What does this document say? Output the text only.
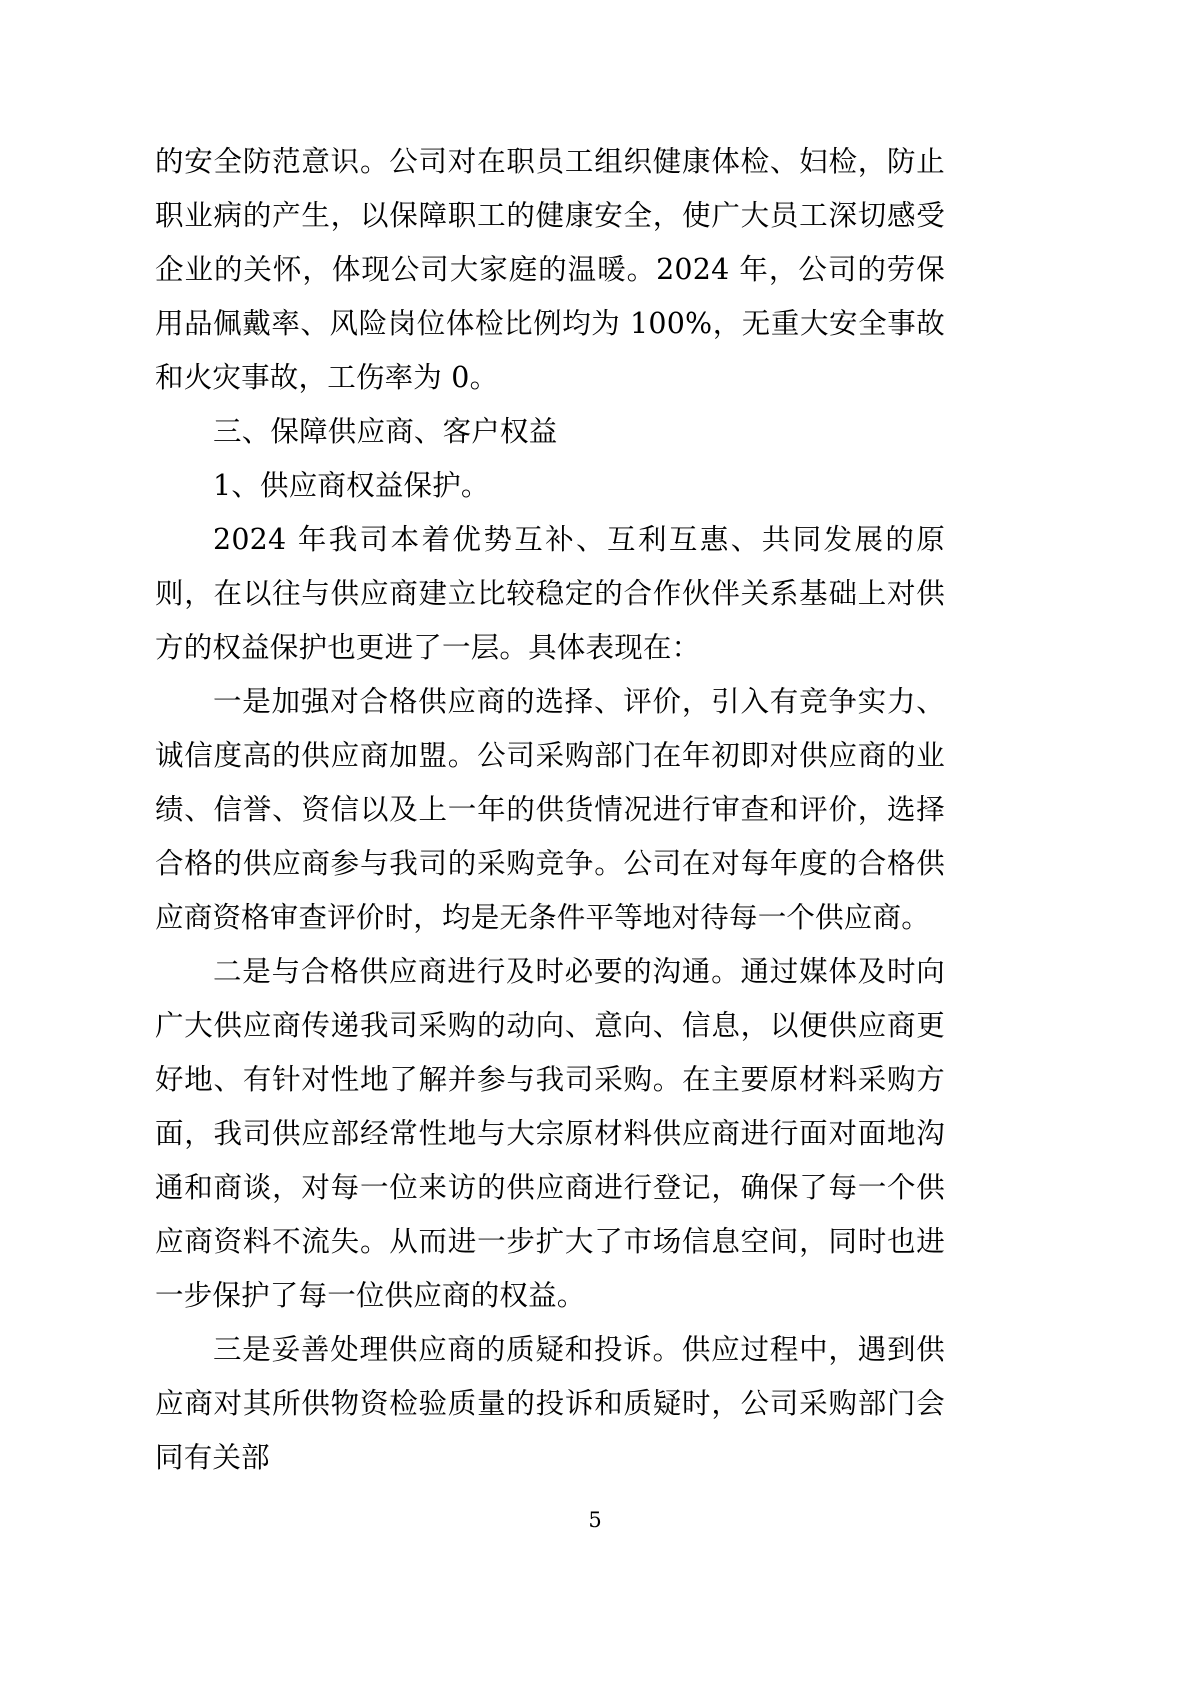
的安全防范意识。公司对在职员工组织健康体检、妇检，防止职业病的产生，以保障职工的健康安全，使广大员工深切感受企业的关怀，体现公司大家庭的温暖。2024 年，公司的劳保用品佩戴率、风险岗位体检比例均为 100%，无重大安全事故和火灾事故，工伤率为 0。

三、保障供应商、客户权益

1、供应商权益保护。

2024 年我司本着优势互补、互利互惠、共同发展的原则，在以往与供应商建立比较稳定的合作伙伴关系基础上对供方的权益保护也更进了一层。具体表现在：

一是加强对合格供应商的选择、评价，引入有竞争实力、诚信度高的供应商加盟。公司采购部门在年初即对供应商的业绩、信誉、资信以及上一年的供货情况进行审查和评价，选择合格的供应商参与我司的采购竞争。公司在对每年度的合格供应商资格审查评价时，均是无条件平等地对待每一个供应商。

二是与合格供应商进行及时必要的沟通。通过媒体及时向广大供应商传递我司采购的动向、意向、信息，以便供应商更好地、有针对性地了解并参与我司采购。在主要原材料采购方面，我司供应部经常性地与大宗原材料供应商进行面对面地沟通和商谈，对每一位来访的供应商进行登记，确保了每一个供应商资料不流失。从而进一步扩大了市场信息空间，同时也进一步保护了每一位供应商的权益。

三是妥善处理供应商的质疑和投诉。供应过程中，遇到供应商对其所供物资检验质量的投诉和质疑时，公司采购部门会同有关部

5
